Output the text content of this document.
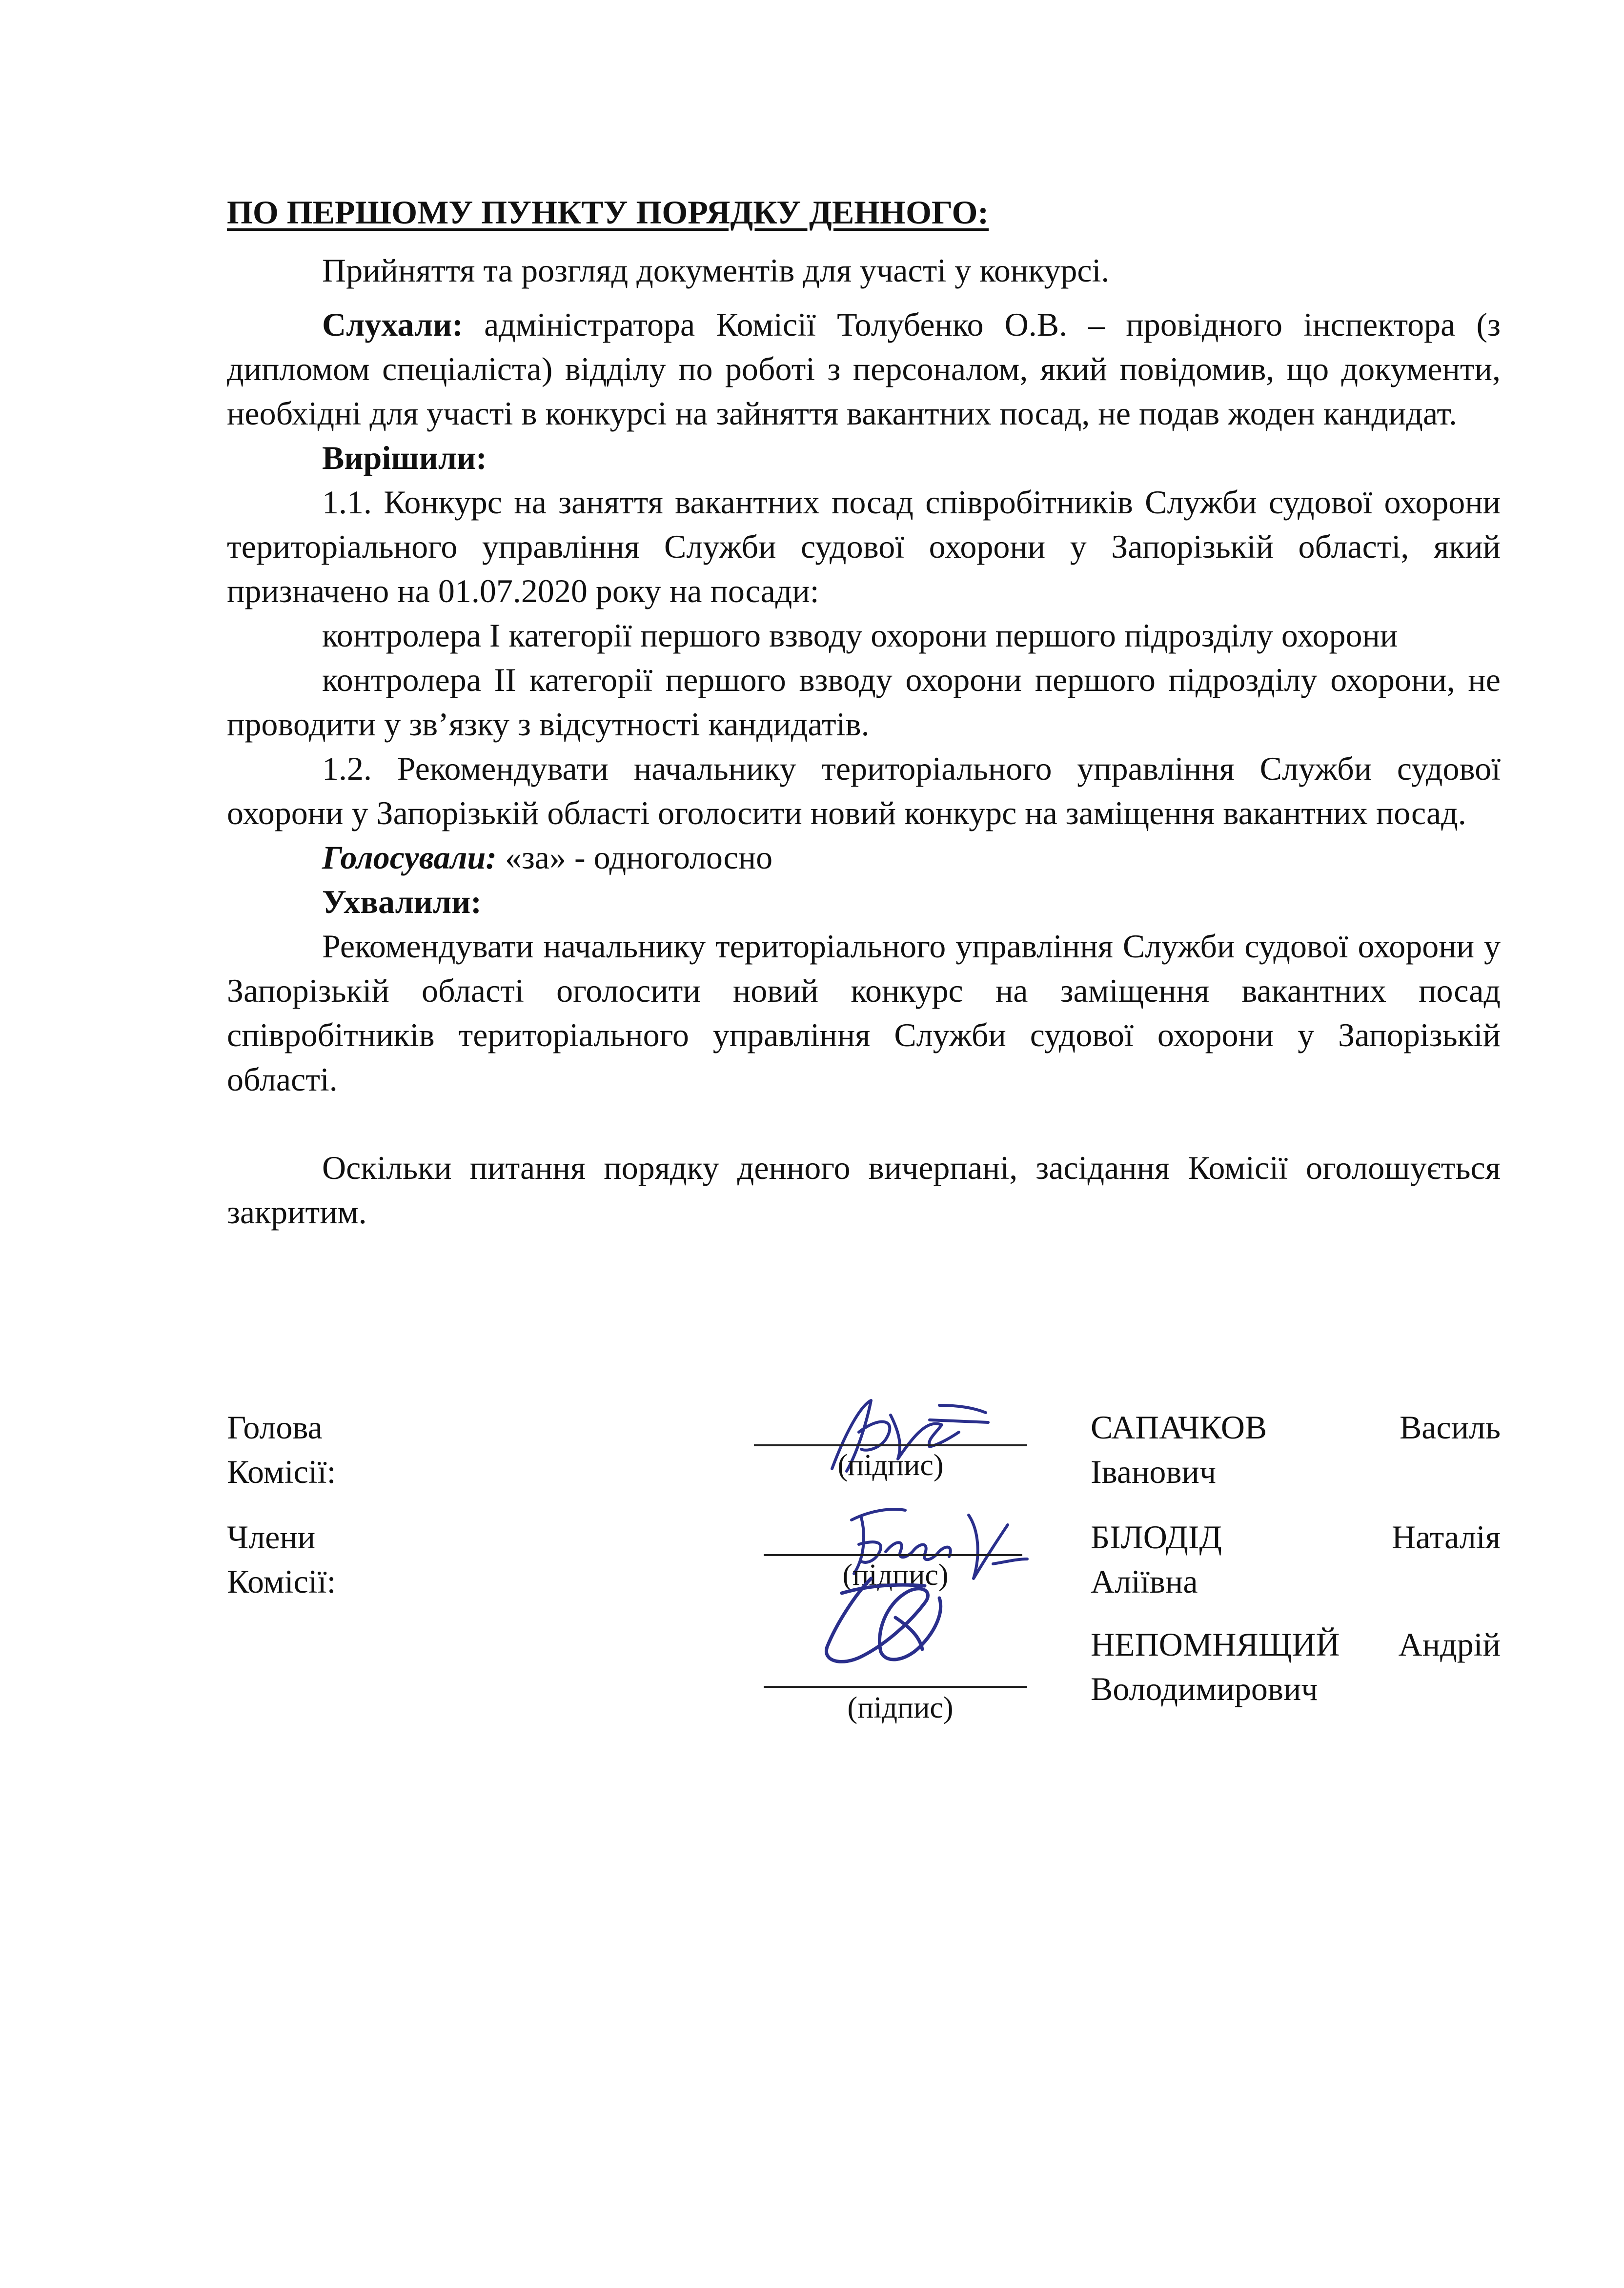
ПО ПЕРШОМУ ПУНКТУ ПОРЯДКУ ДЕННОГО:

Прийняття та розгляд документів для участі у конкурсі.

Слухали: адміністратора Комісії Толубенко О.В. – провідного інспектора (з дипломом спеціаліста) відділу по роботі з персоналом, який повідомив, що документи, необхідні для участі в конкурсі на зайняття вакантних посад, не подав жоден кандидат.

Вирішили:

1.1. Конкурс на заняття вакантних посад співробітників Служби судової охорони територіального управління Служби судової охорони у Запорізькій області, який призначено на 01.07.2020 року на посади:

контролера І категорії першого взводу охорони першого підрозділу охорони

контролера ІІ категорії першого взводу охорони першого підрозділу охорони, не проводити у зв’язку з відсутності кандидатів.

1.2. Рекомендувати начальнику територіального управління Служби судової охорони у Запорізькій області оголосити новий конкурс на заміщення вакантних посад.

Голосували: «за» - одноголосно

Ухвалили:

Рекомендувати начальнику територіального управління Служби судової охорони у Запорізькій області оголосити новий конкурс на заміщення вакантних посад співробітників територіального управління Служби судової охорони у Запорізькій області.

Оскільки питання порядку денного вичерпані, засідання Комісії оголошується закритим.

Голова
Комісії:	(підпис)
САПАЧКОВ Василь
Іванович
Члени
Комісії:	(підпис)
БІЛОДІД Наталія
Аліївна
(підпис)
НЕПОМНЯЩИЙ Андрій
Володимирович
